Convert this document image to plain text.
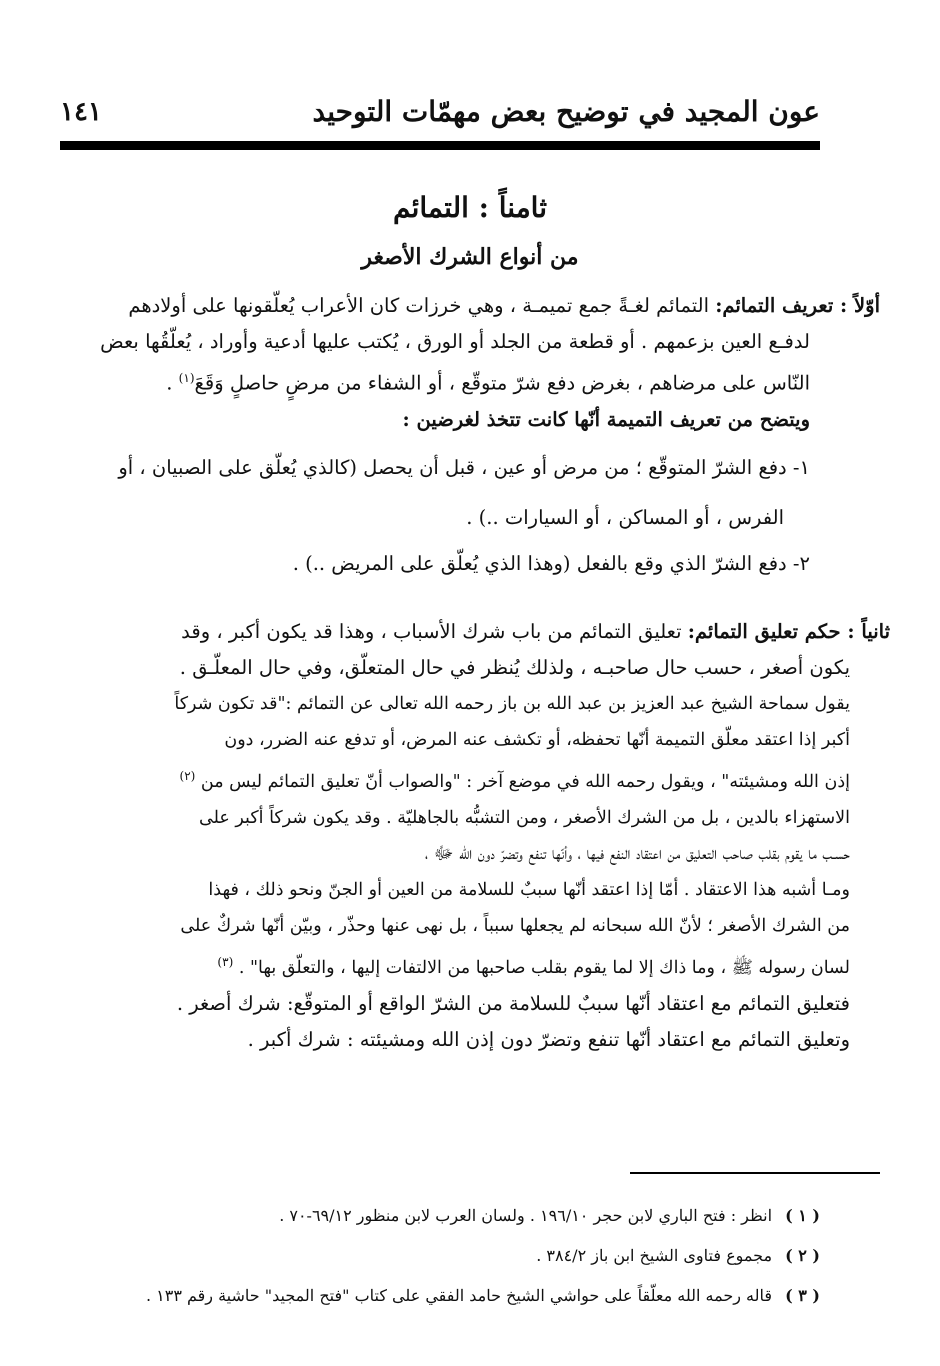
عون المجيد في توضيح بعض مهمّات التوحيد
١٤١
ثامناً : التمائم
من أنواع الشرك الأصغر
أوّلاً : تعريف التمائم: التمائم لغـةً جمع تميمـة ، وهي خرزات كان الأعراب يُعلّقونها على أولادهم
لدفـع العين بزعمهم . أو قطعة من الجلد أو الورق ، يُكتب عليها أدعية وأوراد ، يُعلّقُها بعض
النّاس على مرضاهم ، بغرض دفع شرّ متوقّع ، أو الشفاء من مرضٍ حاصلٍ وَقَعَ$^{(١)}$ .
ويتضح من تعريف التميمة أنّها كانت تتخذ لغرضين :
١- دفع الشرّ المتوقّع ؛ من مرض أو عين ، قبل أن يحصل (كالذي يُعلّق على الصبيان ، أو
الفرس ، أو المساكن ، أو السيارات ..) .
٢- دفع الشرّ الذي وقع بالفعل (وهذا الذي يُعلّق على المريض ..) .
ثانياً : حكم تعليق التمائم: تعليق التمائم من باب شرك الأسباب ، وهذا قد يكون أكبر ، وقد
يكون أصغر ، حسب حال صاحبـه ، ولذلك يُنظر في حال المتعلّق، وفي حال المعلّـق .
يقول سماحة الشيخ عبد العزيز بن عبد الله بن باز رحمه الله تعالى عن التمائم :"قد تكون شركاً
أكبر إذا اعتقد معلّق التميمة أنّها تحفظه، أو تكشف عنه المرض، أو تدفع عنه الضرر، دون
إذن الله ومشيئته" ، ويقول رحمه الله في موضع آخر : "والصواب أنّ تعليق التمائم ليس من $^{(٢)}$
الاستهزاء بالدين ، بل من الشرك الأصغر ، ومن التشبُّه بالجاهليّة . وقد يكون شركاً أكبر على
حسـب ما يقوم بقلب صاحب التعليق من اعتقاد النفع فيها ، وأنّها تنفع وتضرّ دون الله ﷻ ،
ومـا أشبه هذا الاعتقاد . أمّا إذا اعتقد أنّها سببٌ للسلامة من العين أو الجنّ ونحو ذلك ، فهذا
من الشرك الأصغر ؛ لأنّ الله سبحانه لم يجعلها سبباً ، بل نهى عنها وحذّر ، وبيّن أنّها شركٌ على
لسان رسوله ﷺ ، وما ذاك إلا لما يقوم بقلب صاحبها من الالتفات إليها ، والتعلّق بها" . $^{(٣)}$
فتعليق التمائم مع اعتقاد أنّها سببٌ للسلامة من الشرّ الواقع أو المتوقّع: شرك أصغر .
وتعليق التمائم مع اعتقاد أنّها تنفع وتضرّ دون إذن الله ومشيئته : شرك أكبر .
( ١ ) انظر : فتح الباري لابن حجر ١٩٦/١٠ . ولسان العرب لابن منظور ٦٩/١٢-٧٠ .
( ٢ ) مجموع فتاوى الشيخ ابن باز ٣٨٤/٢ .
( ٣ ) قاله رحمه الله معلّقاً على حواشي الشيخ حامد الفقي على كتاب "فتح المجيد" حاشية رقم ١٣٣ .
